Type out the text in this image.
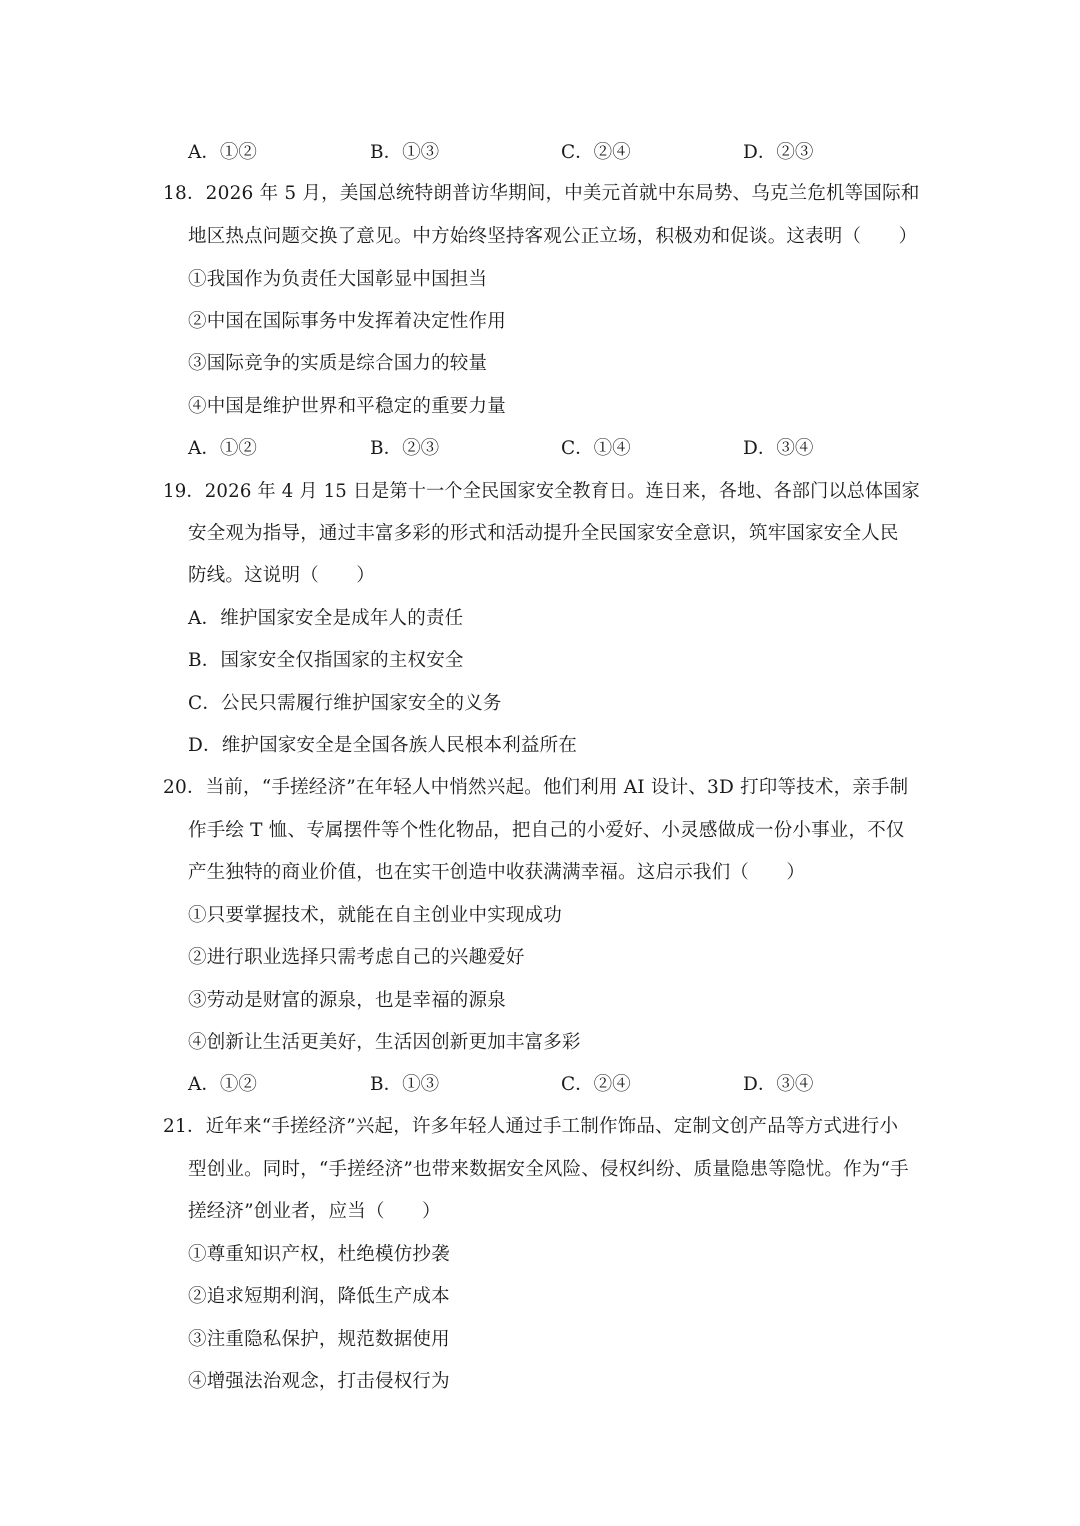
A．①②	B．①③	C．②④	D．②③
18．2026 年 5 月，美国总统特朗普访华期间，中美元首就中东局势、乌克兰危机等国际和
地区热点问题交换了意见。中方始终坚持客观公正立场，积极劝和促谈。这表明（　　）
①我国作为负责任大国彰显中国担当
②中国在国际事务中发挥着决定性作用
③国际竞争的实质是综合国力的较量
④中国是维护世界和平稳定的重要力量
A．①②	B．②③	C．①④	D．③④
19．2026 年 4 月 15 日是第十一个全民国家安全教育日。连日来，各地、各部门以总体国家
安全观为指导，通过丰富多彩的形式和活动提升全民国家安全意识，筑牢国家安全人民
防线。这说明（　　）
A．维护国家安全是成年人的责任
B．国家安全仅指国家的主权安全
C．公民只需履行维护国家安全的义务
D．维护国家安全是全国各族人民根本利益所在
20．当前，“手搓经济”在年轻人中悄然兴起。他们利用 AI 设计、3D 打印等技术，亲手制
作手绘 T 恤、专属摆件等个性化物品，把自己的小爱好、小灵感做成一份小事业，不仅
产生独特的商业价值，也在实干创造中收获满满幸福。这启示我们（　　）
①只要掌握技术，就能在自主创业中实现成功
②进行职业选择只需考虑自己的兴趣爱好
③劳动是财富的源泉，也是幸福的源泉
④创新让生活更美好，生活因创新更加丰富多彩
A．①②	B．①③	C．②④	D．③④
21．近年来“手搓经济”兴起，许多年轻人通过手工制作饰品、定制文创产品等方式进行小
型创业。同时，“手搓经济”也带来数据安全风险、侵权纠纷、质量隐患等隐忧。作为“手
搓经济”创业者，应当（　　）
①尊重知识产权，杜绝模仿抄袭
②追求短期利润，降低生产成本
③注重隐私保护，规范数据使用
④增强法治观念，打击侵权行为
